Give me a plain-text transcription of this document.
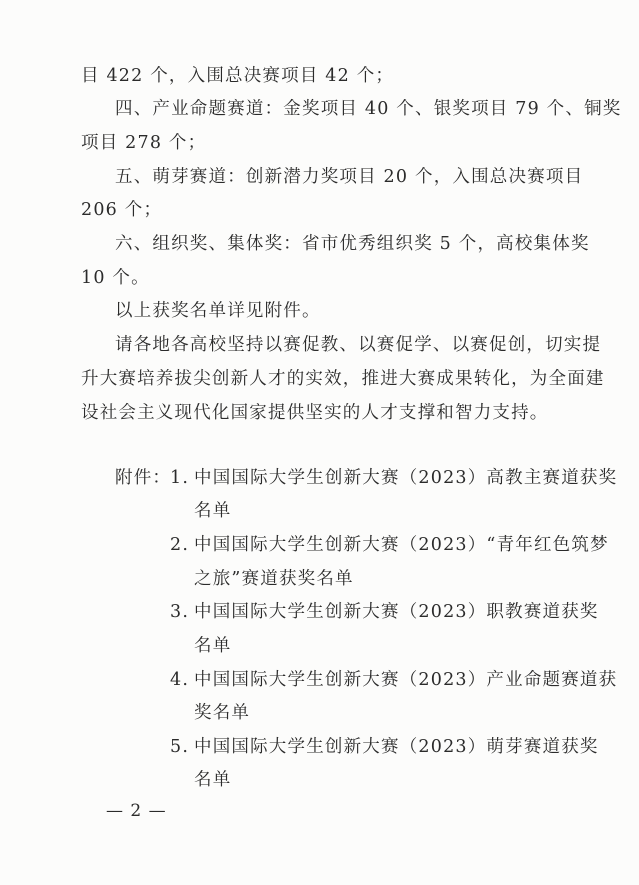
目 422 个，入围总决赛项目 42 个；
四、产业命题赛道：金奖项目 40 个、银奖项目 79 个、铜奖
项目 278 个；
五、萌芽赛道：创新潜力奖项目 20 个，入围总决赛项目
206 个；
六、组织奖、集体奖：省市优秀组织奖 5 个，高校集体奖
10 个。
以上获奖名单详见附件。
请各地各高校坚持以赛促教、以赛促学、以赛促创，切实提
升大赛培养拔尖创新人才的实效，推进大赛成果转化，为全面建
设社会主义现代化国家提供坚实的人才支撑和智力支持。
附件：
1. 中国国际大学生创新大赛（2023）高教主赛道获奖
名单
2. 中国国际大学生创新大赛（2023）“青年红色筑梦
之旅”赛道获奖名单
3. 中国国际大学生创新大赛（2023）职教赛道获奖
名单
4. 中国国际大学生创新大赛（2023）产业命题赛道获
奖名单
5. 中国国际大学生创新大赛（2023）萌芽赛道获奖
名单
— 2 —
